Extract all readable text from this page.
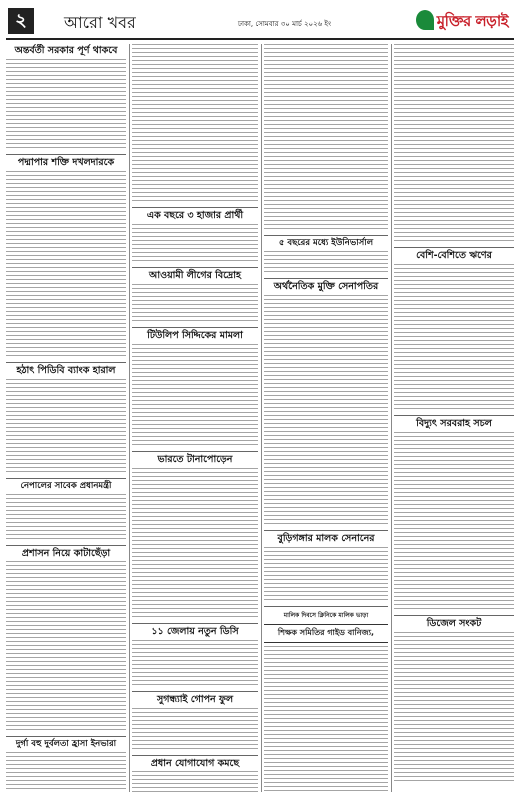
২	আরো খবর	ঢাকা, সোমবার ৩০ মার্চ ২০২৬ ইং	মুক্তির লড়াই
অন্তর্বর্তী সরকার পূর্ণ থাকবে
পদ্মাপার শক্তি দখলদারকে
হঠাৎ পিডিবি ব্যাংক হারাল
নেপালের সাবেক প্রধানমন্ত্রী
প্রশাসন নিয়ে কাটাছেঁড়া
দুর্গা বহু দুর্বলতা হ্রাসা ইনভারা
এক বছরে ৩ হাজার প্রার্থী
আওয়ামী লীগের বিদ্রোহ
টিউলিপ সিদ্দিকের মামলা
ভারতে টানাপোড়েন
১১ জেলায় নতুন ডিসি
সুগন্ধ্যাই গোপন ফুল
প্রধান যোগাযোগ কমছে
৫ বছরের মধ্যে ইউনিভার্সাল
অর্থনৈতিক মুক্তি সেনাপতির
বুড়িগঙ্গার মালক সেনানের
মালিক দিবসে ক্লিনিকে মালিক ভাড়া
শিক্ষক সমিতির গাইড বানিজ্য,
বেশি-বেশিতে ঋণের
বিদ্যুৎ সরবরাহ সচল
ডিজেল সংকট
